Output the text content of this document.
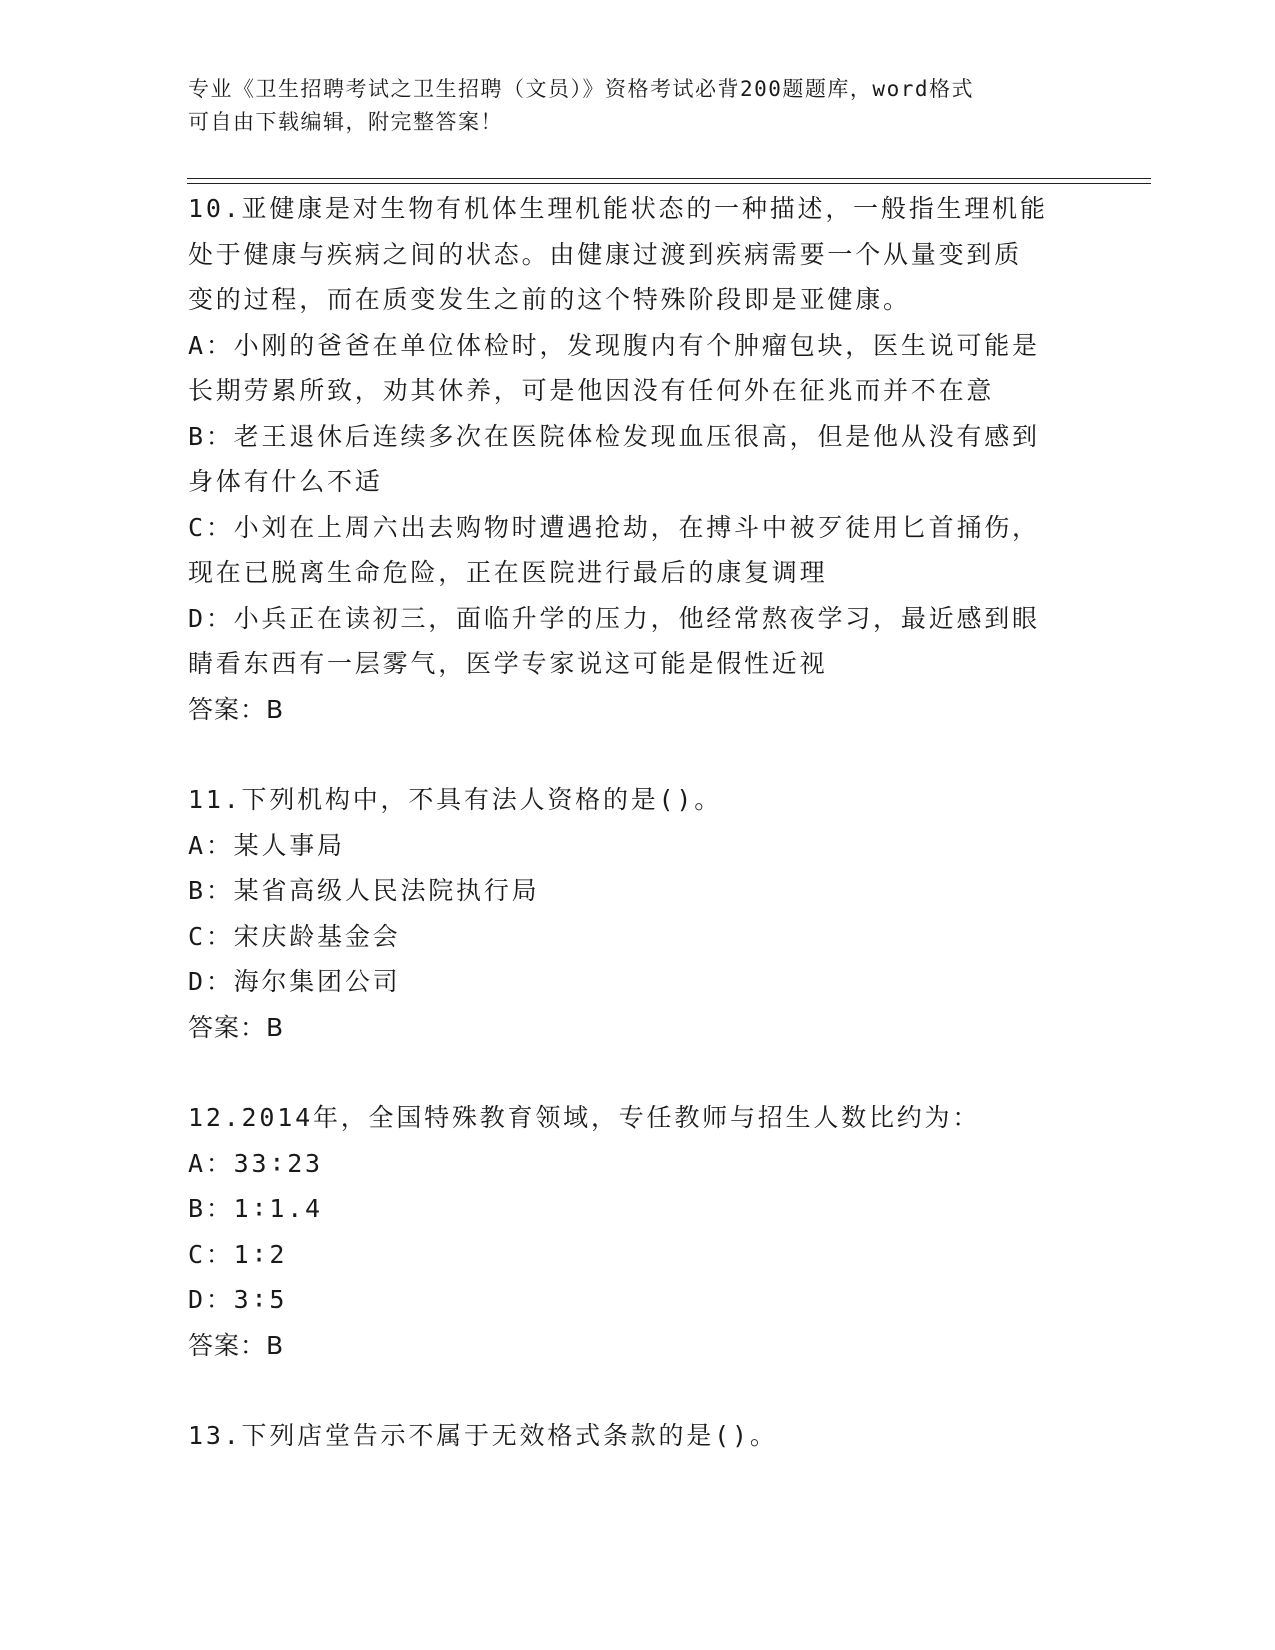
专业《卫生招聘考试之卫生招聘（文员）》资格考试必背200题题库，word格式
可自由下载编辑，附完整答案！
10.亚健康是对生物有机体生理机能状态的一种描述，一般指生理机能
处于健康与疾病之间的状态。由健康过渡到疾病需要一个从量变到质
变的过程，而在质变发生之前的这个特殊阶段即是亚健康。
A：小刚的爸爸在单位体检时，发现腹内有个肿瘤包块，医生说可能是
长期劳累所致，劝其休养，可是他因没有任何外在征兆而并不在意
B：老王退休后连续多次在医院体检发现血压很高，但是他从没有感到
身体有什么不适
C：小刘在上周六出去购物时遭遇抢劫，在搏斗中被歹徒用匕首捅伤，
现在已脱离生命危险，正在医院进行最后的康复调理
D：小兵正在读初三，面临升学的压力，他经常熬夜学习，最近感到眼
睛看东西有一层雾气，医学专家说这可能是假性近视
答案：B
11.下列机构中，不具有法人资格的是()。
A：某人事局
B：某省高级人民法院执行局
C：宋庆龄基金会
D：海尔集团公司
答案：B
12.2014年，全国特殊教育领域，专任教师与招生人数比约为：
A：33∶23
B：1∶1.4
C：1∶2
D：3∶5
答案：B
13.下列店堂告示不属于无效格式条款的是()。
